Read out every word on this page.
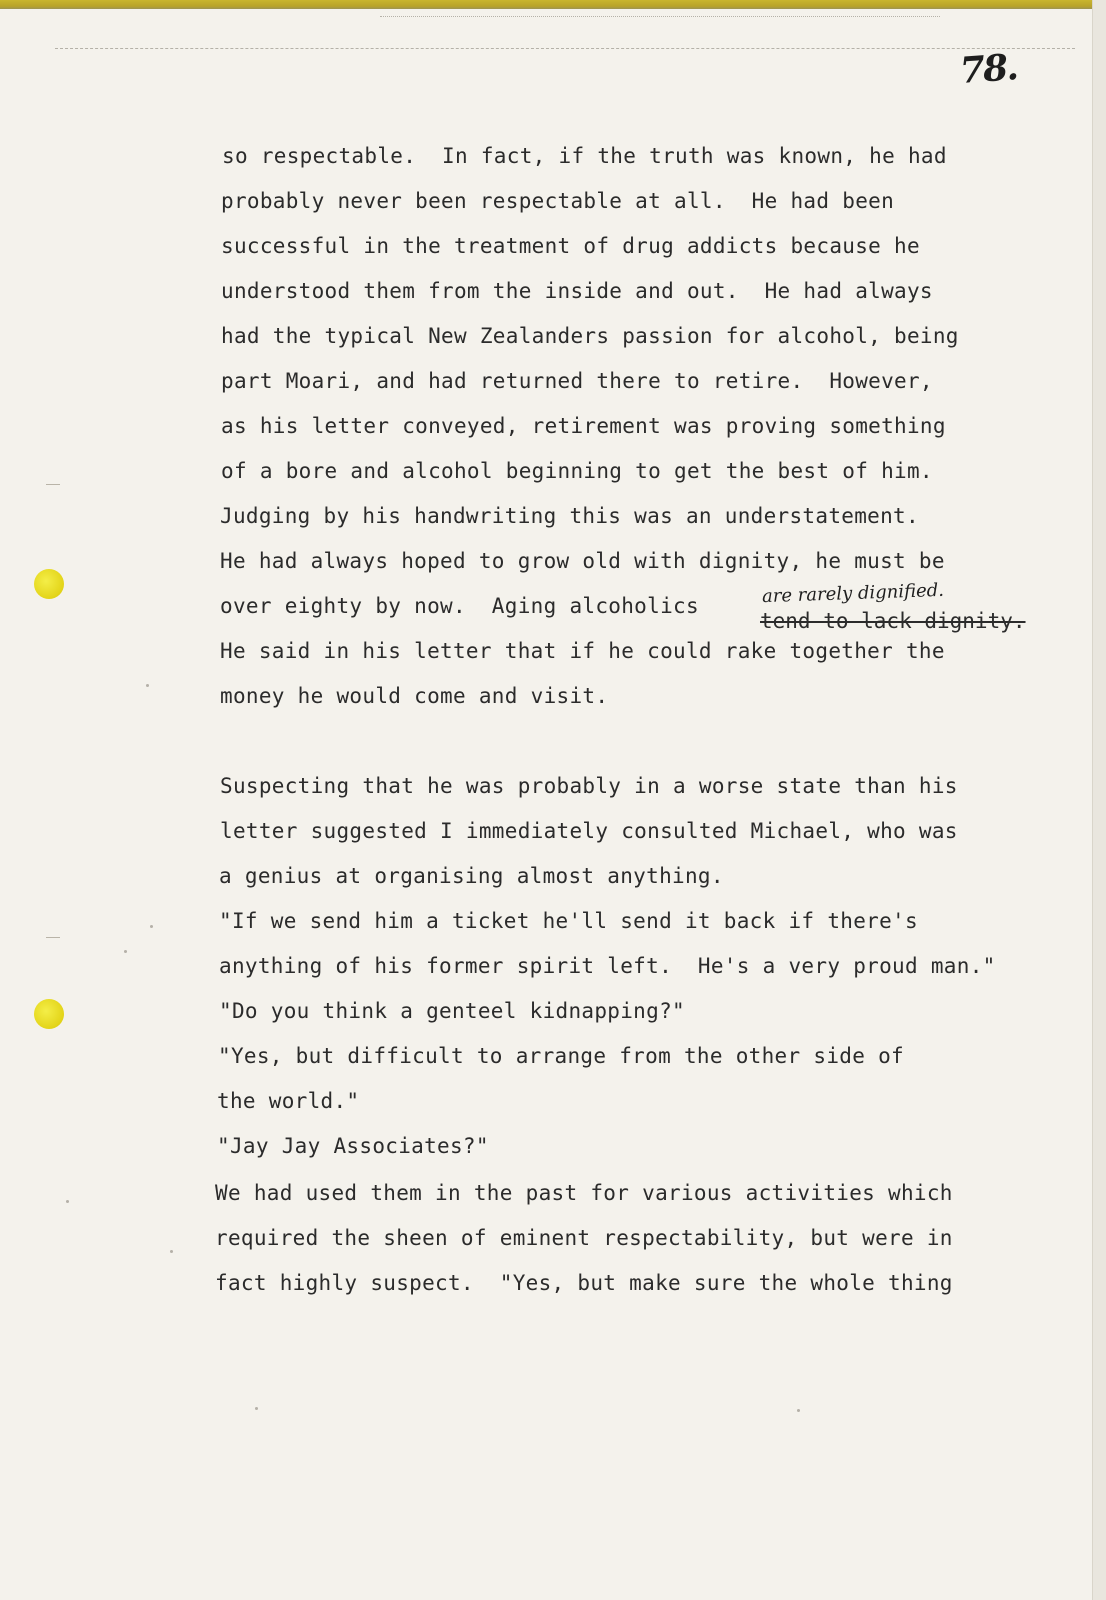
78.
so respectable.  In fact, if the truth was known, he had
probably never been respectable at all.  He had been
successful in the treatment of drug addicts because he
understood them from the inside and out.  He had always
had the typical New Zealanders passion for alcohol, being
part Moari, and had returned there to retire.  However,
as his letter conveyed, retirement was proving something
of a bore and alcohol beginning to get the best of him.
Judging by his handwriting this was an understatement.
He had always hoped to grow old with dignity, he must be
over eighty by now.  Aging alcoholics
tend to lack dignity.
are rarely dignified.
He said in his letter that if he could rake together the
money he would come and visit.
Suspecting that he was probably in a worse state than his
letter suggested I immediately consulted Michael, who was
a genius at organising almost anything.
"If we send him a ticket he'll send it back if there's
anything of his former spirit left.  He's a very proud man."
"Do you think a genteel kidnapping?"
"Yes, but difficult to arrange from the other side of
the world."
"Jay Jay Associates?"
We had used them in the past for various activities which
required the sheen of eminent respectability, but were in
fact highly suspect.  "Yes, but make sure the whole thing
